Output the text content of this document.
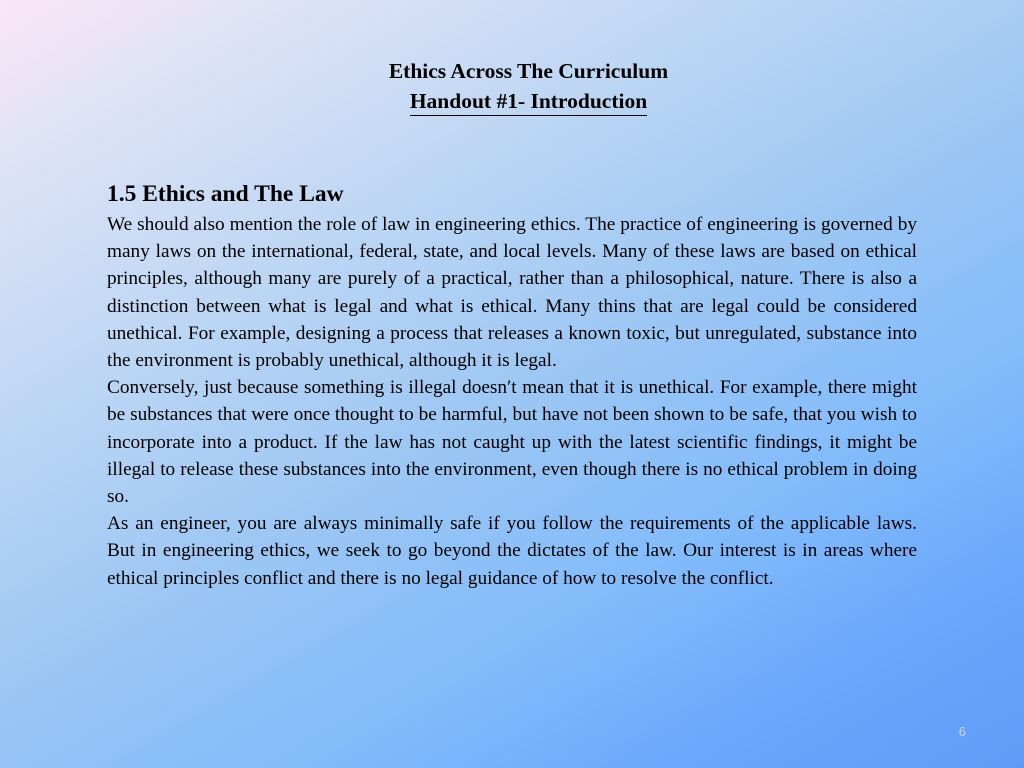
Ethics Across The Curriculum
Handout #1- Introduction
1.5 Ethics and The Law

We should also mention the role of law in engineering ethics. The practice of engineering is governed by many laws on the international, federal, state, and local levels. Many of these laws are based on ethical principles, although many are purely of a practical, rather than a philosophical, nature. There is also a distinction between what is legal and what is ethical. Many thins that are legal could be considered unethical. For example, designing a process that releases a known toxic, but unregulated, substance into the environment is probably unethical, although it is legal.

Conversely, just because something is illegal doesn′t mean that it is unethical. For example, there might be substances that were once thought to be harmful, but have not been shown to be safe, that you wish to incorporate into a product. If the law has not caught up with the latest scientific findings, it might be illegal to release these substances into the environment, even though there is no ethical problem in doing so.

As an engineer, you are always minimally safe if you follow the requirements of the applicable laws. But in engineering ethics, we seek to go beyond the dictates of the law. Our interest is in areas where ethical principles conflict and there is no legal guidance of how to resolve the conflict.

6
